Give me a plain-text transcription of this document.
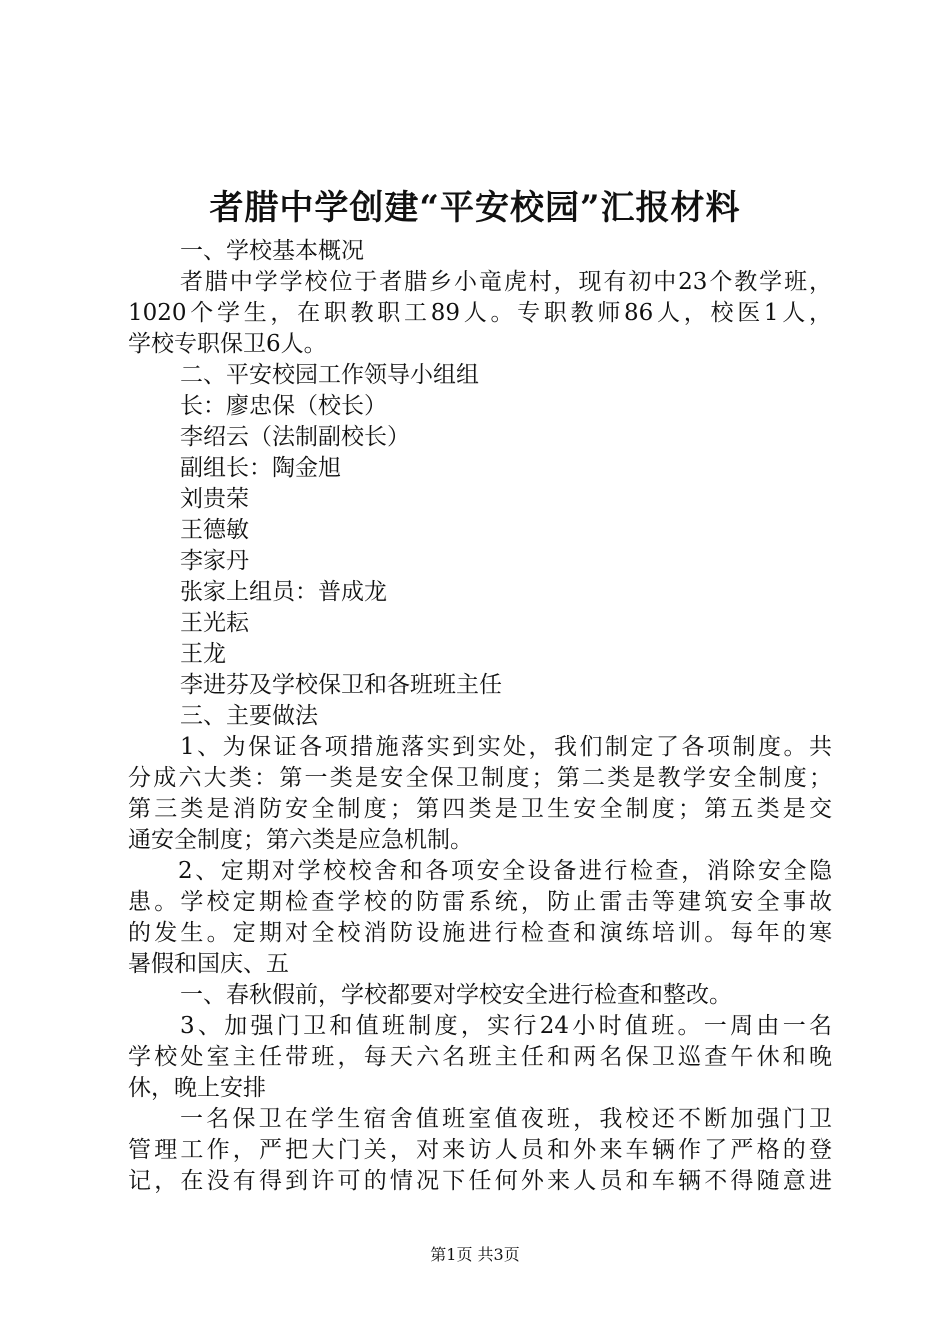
者腊中学创建“平安校园”汇报材料
一、学校基本概况
者腊中学学校位于者腊乡小竜虎村，现有初中23个教学班，
1020个学生，在职教职工89人。专职教师86人，校医1人，
学校专职保卫6人。
二、平安校园工作领导小组组
长：廖忠保（校长）
李绍云（法制副校长）
副组长：陶金旭
刘贵荣
王德敏
李家丹
张家上组员：普成龙
王光耘
王龙
李进芬及学校保卫和各班班主任
三、主要做法
1、为保证各项措施落实到实处，我们制定了各项制度。共
分成六大类：第一类是安全保卫制度；第二类是教学安全制度；
第三类是消防安全制度；第四类是卫生安全制度；第五类是交
通安全制度；第六类是应急机制。
2、定期对学校校舍和各项安全设备进行检查，消除安全隐
患。学校定期检查学校的防雷系统，防止雷击等建筑安全事故
的发生。定期对全校消防设施进行检查和演练培训。每年的寒
暑假和国庆、五
一、春秋假前，学校都要对学校安全进行检查和整改。
3、加强门卫和值班制度，实行24小时值班。一周由一名
学校处室主任带班，每天六名班主任和两名保卫巡查午休和晚
休，晚上安排
一名保卫在学生宿舍值班室值夜班，我校还不断加强门卫
管理工作，严把大门关，对来访人员和外来车辆作了严格的登
记，在没有得到许可的情况下任何外来人员和车辆不得随意进
第1页 共3页
